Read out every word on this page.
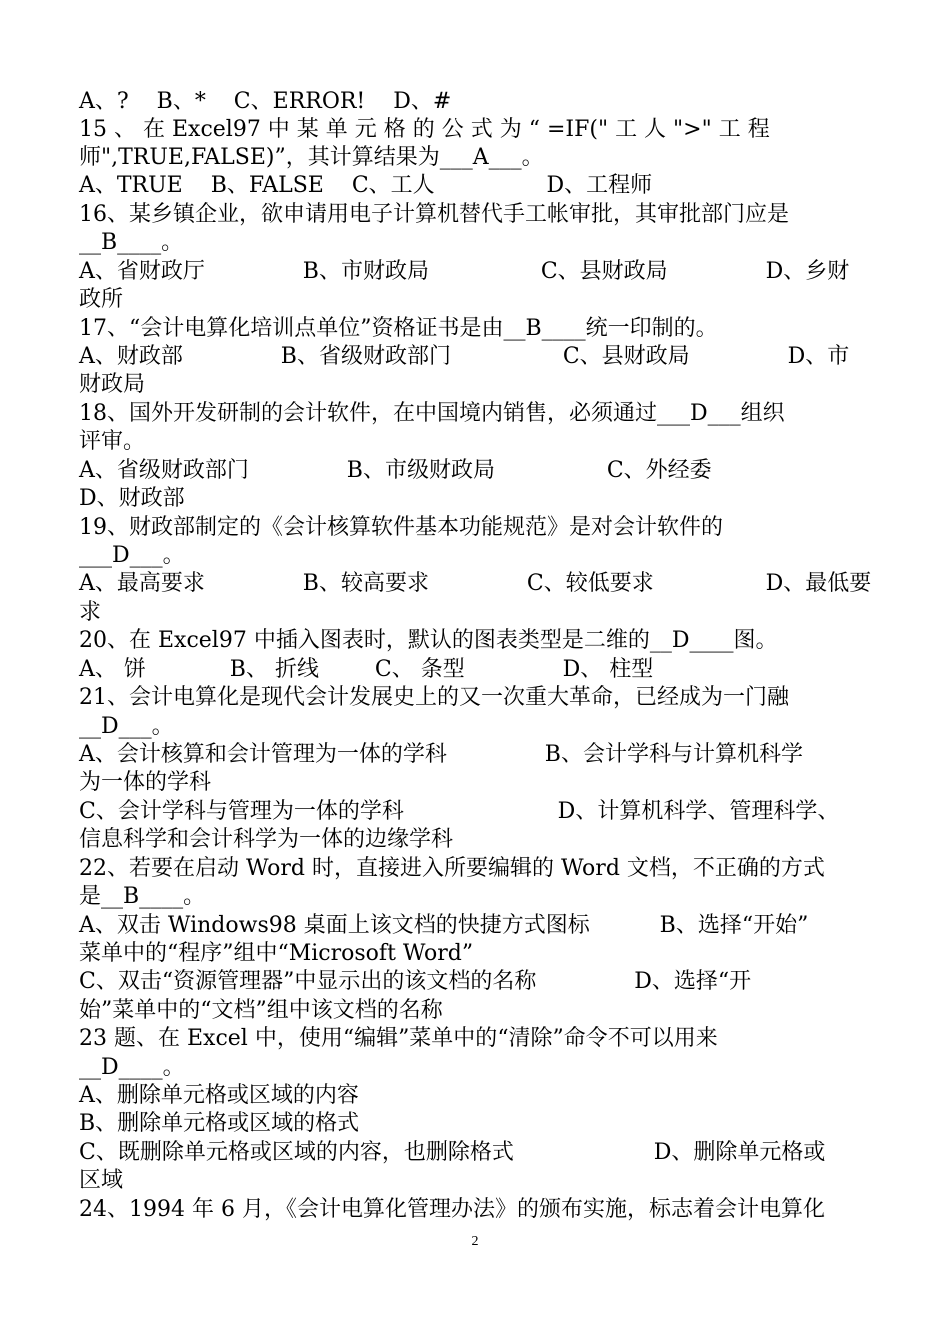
A、?    B、*    C、ERROR!    D、#
15 、 在 Excel97 中 某 单 元 格 的 公 式 为 “ =IF(" 工 人 ">" 工 程
师",TRUE,FALSE)”，其计算结果为___A___。
A、TRUE    B、FALSE    C、工人                D、工程师
16、某乡镇企业，欲申请用电子计算机替代手工帐审批，其审批部门应是
__B____。
A、省财政厅              B、市财政局                C、县财政局              D、乡财
政所
17、“会计电算化培训点单位”资格证书是由__B____统一印制的。
A、财政部              B、省级财政部门                C、县财政局              D、市
财政局
18、国外开发研制的会计软件，在中国境内销售，必须通过___D___组织
评审。
A、省级财政部门              B、市级财政局                C、外经委
D、财政部
19、财政部制定的《会计核算软件基本功能规范》是对会计软件的
___D___。
A、最高要求              B、较高要求              C、较低要求                D、最低要
求
20、在 Excel97 中插入图表时，默认的图表类型是二维的__D____图。
A、 饼            B、 折线        C、 条型              D、 柱型
21、会计电算化是现代会计发展史上的又一次重大革命，已经成为一门融
__D___。
A、会计核算和会计管理为一体的学科              B、会计学科与计算机科学
为一体的学科
C、会计学科与管理为一体的学科                      D、计算机科学、管理科学、
信息科学和会计科学为一体的边缘学科
22、若要在启动 Word 时，直接进入所要编辑的 Word 文档，不正确的方式
是__B____。
A、双击 Windows98 桌面上该文档的快捷方式图标          B、选择“开始”
菜单中的“程序”组中“Microsoft Word”
C、双击“资源管理器”中显示出的该文档的名称              D、选择“开
始”菜单中的“文档”组中该文档的名称
23 题、在 Excel 中，使用“编辑”菜单中的“清除”命令不可以用来
__D____。
A、删除单元格或区域的内容
B、删除单元格或区域的格式
C、既删除单元格或区域的内容，也删除格式                    D、删除单元格或
区域
24、1994 年 6 月，《会计电算化管理办法》的颁布实施，标志着会计电算化
2
